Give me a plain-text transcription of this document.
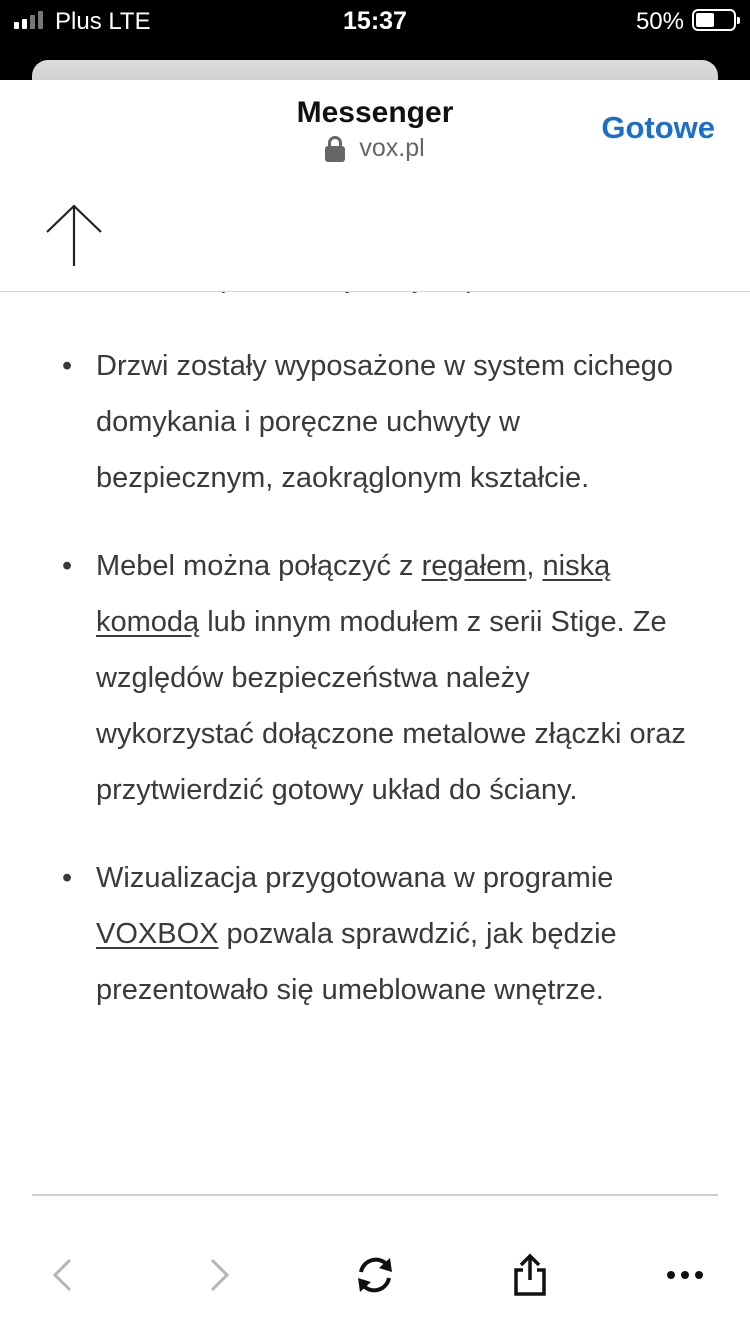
Plus LTE	15:37	50%
Messenger
vox.pl
Gotowe
• Drzwi zostały wyposażone w system cichego domykania i poręczne uchwyty w bezpiecznym, zaokrąglonym kształcie.
• Mebel można połączyć z regałem, niską komodą lub innym modułem z serii Stige. Ze względów bezpieczeństwa należy wykorzystać dołączone metalowe złączki oraz przytwierdzić gotowy układ do ściany.
• Wizualizacja przygotowana w programie VOXBOX pozwala sprawdzić, jak będzie prezentowało się umeblowane wnętrze.
